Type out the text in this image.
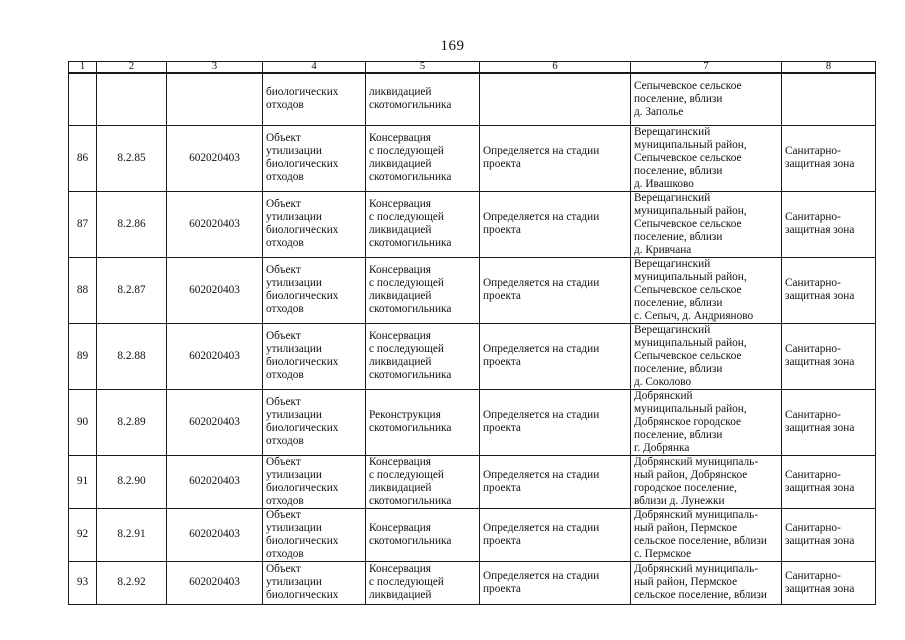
169
1	2	3	4	5	6	7	8
			биологических
отходов	ликвидацией
скотомогильника		Сепычевское сельское
поселение, вблизи
д. Заполье	
86	8.2.85	602020403	Объект
утилизации
биологических
отходов	Консервация
с последующей
ликвидацией
скотомогильника	Определяется на стадии
проекта	Верещагинский
муниципальный район,
Сепычевское сельское
поселение, вблизи
д. Ивашково	Санитарно-
защитная зона
87	8.2.86	602020403	Объект
утилизации
биологических
отходов	Консервация
с последующей
ликвидацией
скотомогильника	Определяется на стадии
проекта	Верещагинский
муниципальный район,
Сепычевское сельское
поселение, вблизи
д. Кривчана	Санитарно-
защитная зона
88	8.2.87	602020403	Объект
утилизации
биологических
отходов	Консервация
с последующей
ликвидацией
скотомогильника	Определяется на стадии
проекта	Верещагинский
муниципальный район,
Сепычевское сельское
поселение, вблизи
с. Сепыч, д. Андрияново	Санитарно-
защитная зона
89	8.2.88	602020403	Объект
утилизации
биологических
отходов	Консервация
с последующей
ликвидацией
скотомогильника	Определяется на стадии
проекта	Верещагинский
муниципальный район,
Сепычевское сельское
поселение, вблизи
д. Соколово	Санитарно-
защитная зона
90	8.2.89	602020403	Объект
утилизации
биологических
отходов	Реконструкция
скотомогильника	Определяется на стадии
проекта	Добрянский
муниципальный район,
Добрянское городское
поселение, вблизи
г. Добрянка	Санитарно-
защитная зона
91	8.2.90	602020403	Объект
утилизации
биологических
отходов	Консервация
с последующей
ликвидацией
скотомогильника	Определяется на стадии
проекта	Добрянский муниципаль-
ный район, Добрянское
городское поселение,
вблизи д. Лунежки	Санитарно-
защитная зона
92	8.2.91	602020403	Объект
утилизации
биологических
отходов	Консервация
скотомогильника	Определяется на стадии
проекта	Добрянский муниципаль-
ный район, Пермское
сельское поселение, вблизи
с. Пермское	Санитарно-
защитная зона
93	8.2.92	602020403	Объект
утилизации
биологических	Консервация
с последующей
ликвидацией	Определяется на стадии
проекта	Добрянский муниципаль-
ный район, Пермское
сельское поселение, вблизи	Санитарно-
защитная зона
